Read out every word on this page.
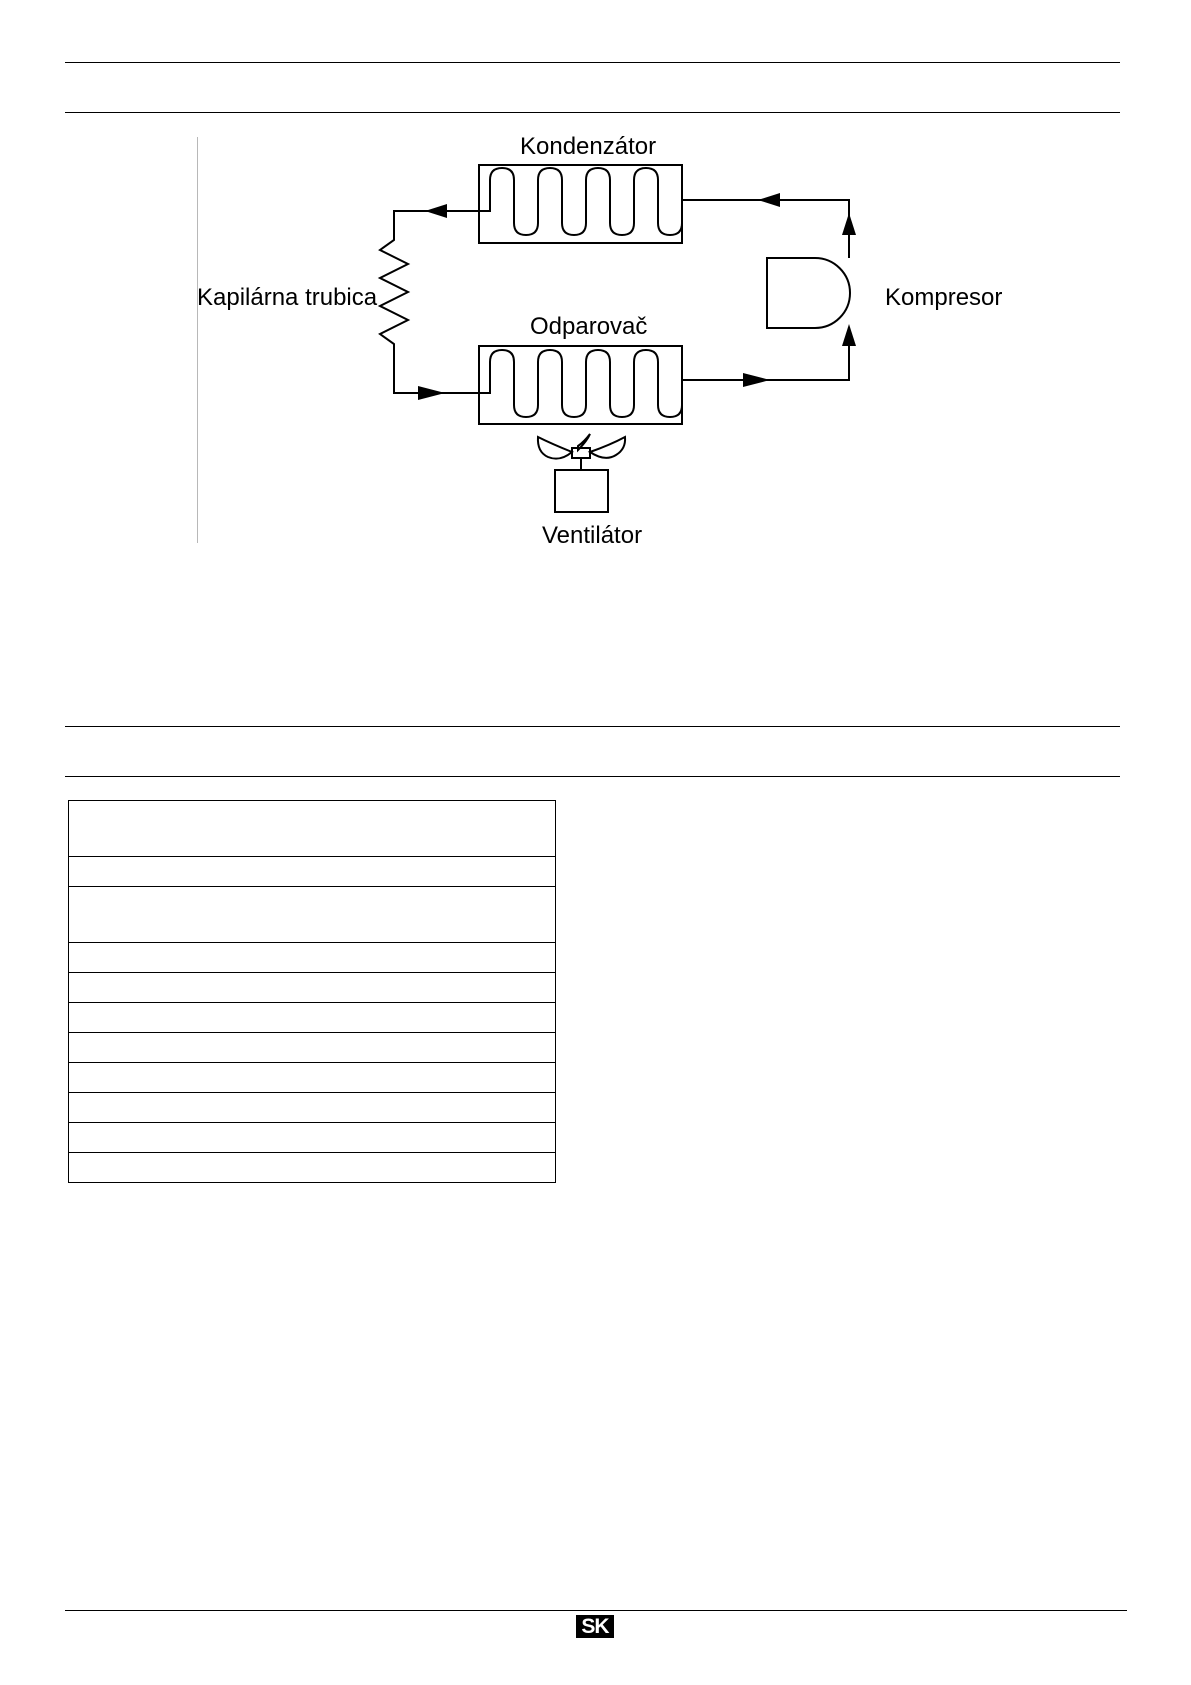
Kondenzátor
Odparovač
Kapilárna trubica	Kompresor
Ventilátor

SK
